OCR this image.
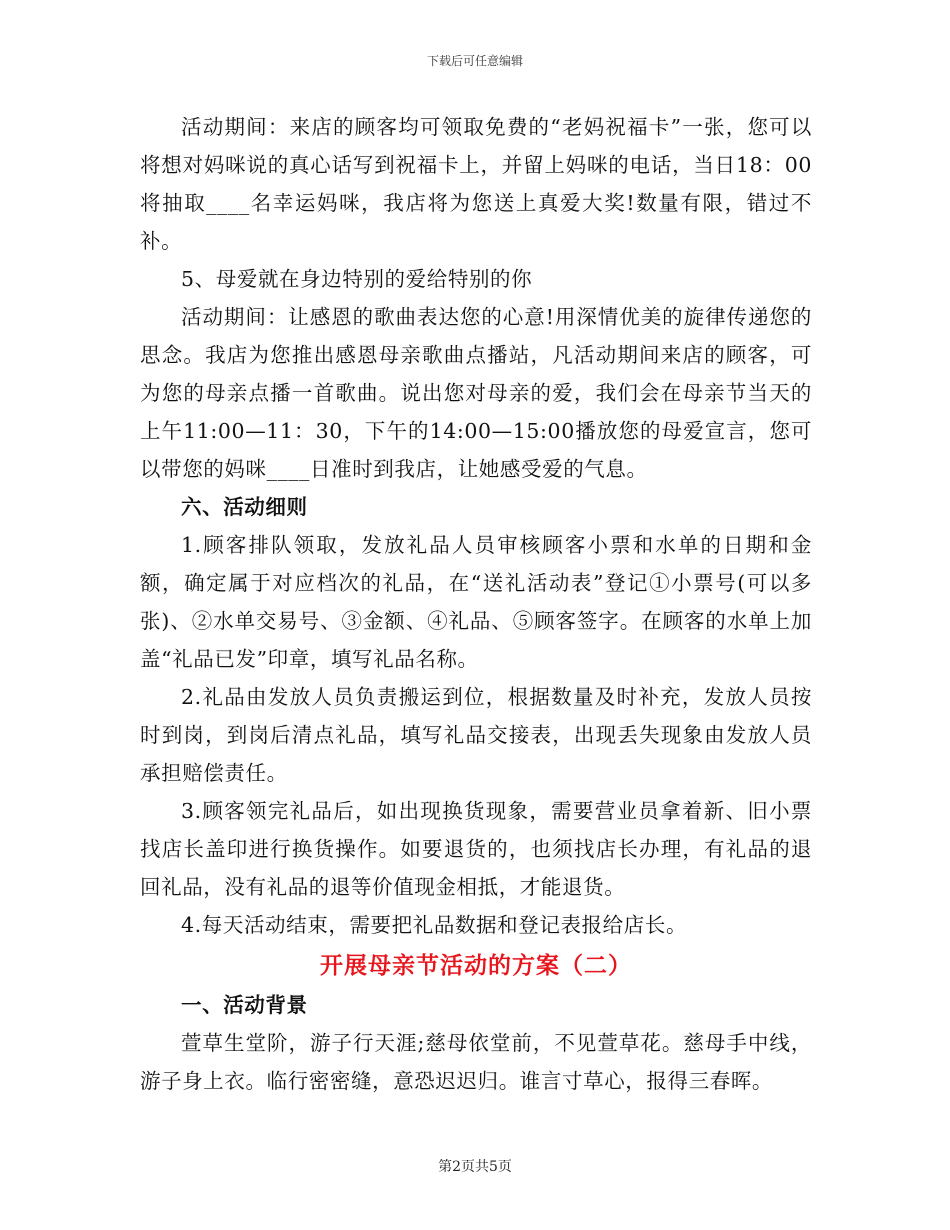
下载后可任意编辑

活动期间：来店的顾客均可领取免费的“老妈祝福卡”一张，您可以将想对妈咪说的真心话写到祝福卡上，并留上妈咪的电话，当日18：00将抽取____名幸运妈咪，我店将为您送上真爱大奖!数量有限，错过不补。

5、母爱就在身边特别的爱给特别的你

活动期间：让感恩的歌曲表达您的心意!用深情优美的旋律传递您的思念。我店为您推出感恩母亲歌曲点播站，凡活动期间来店的顾客，可为您的母亲点播一首歌曲。说出您对母亲的爱，我们会在母亲节当天的上午11:00—11：30，下午的14:00—15:00播放您的母爱宣言，您可以带您的妈咪____日准时到我店，让她感受爱的气息。

六、活动细则

1.顾客排队领取，发放礼品人员审核顾客小票和水单的日期和金额，确定属于对应档次的礼品，在“送礼活动表”登记①小票号(可以多张)、②水单交易号、③金额、④礼品、⑤顾客签字。在顾客的水单上加盖“礼品已发”印章，填写礼品名称。

2.礼品由发放人员负责搬运到位，根据数量及时补充，发放人员按时到岗，到岗后清点礼品，填写礼品交接表，出现丢失现象由发放人员承担赔偿责任。

3.顾客领完礼品后，如出现换货现象，需要营业员拿着新、旧小票找店长盖印进行换货操作。如要退货的，也须找店长办理，有礼品的退回礼品，没有礼品的退等价值现金相抵，才能退货。

4.每天活动结束，需要把礼品数据和登记表报给店长。

开展母亲节活动的方案（二）

一、活动背景

萱草生堂阶，游子行天涯;慈母依堂前，不见萱草花。慈母手中线，游子身上衣。临行密密缝，意恐迟迟归。谁言寸草心，报得三春晖。

第2页共5页
